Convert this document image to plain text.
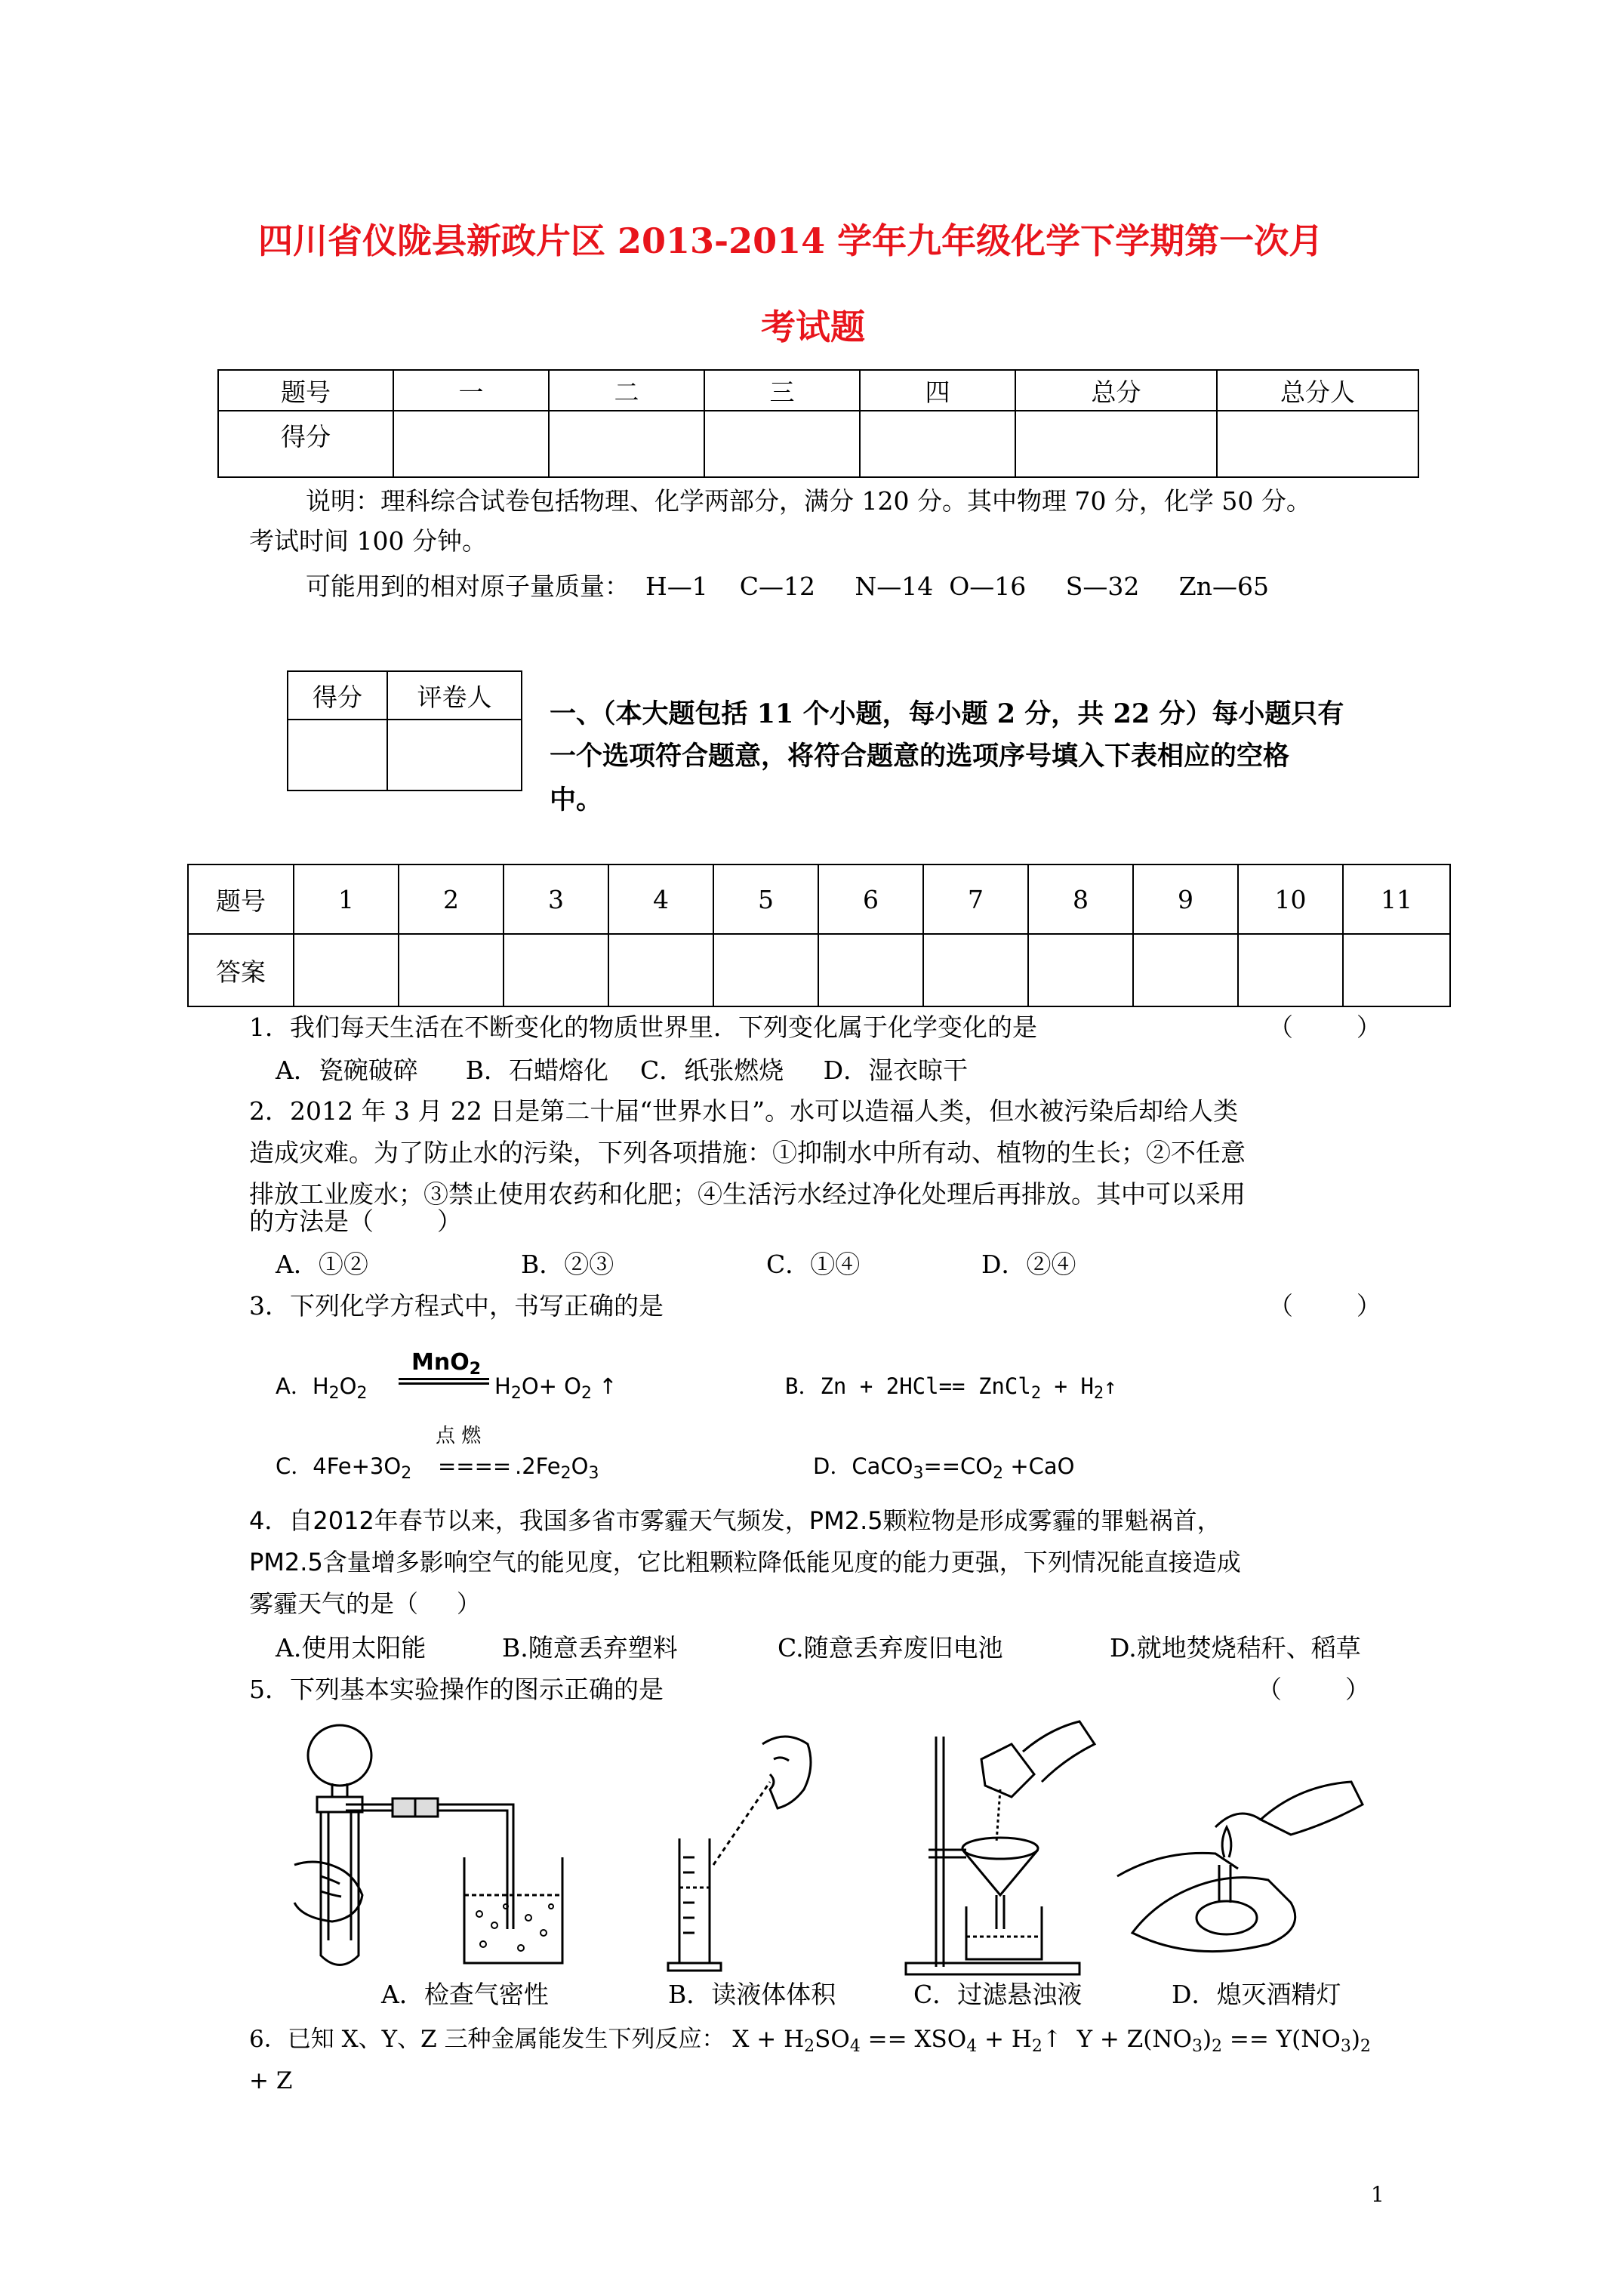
四川省仪陇县新政片区 2013-2014 学年九年级化学下学期第一次月
考试题
题号	一	二	三	四	总分	总分人
得分						
说明：理科综合试卷包括物理、化学两部分，满分 120 分。其中物理 70 分，化学 50 分。
考试时间 100 分钟。
可能用到的相对原子量质量：  H—1    C—12     N—14  O—16     S—32     Zn—65
得分	评卷人

一、（本大题包括 11 个小题，每小题 2 分，共 22 分）每小题只有
一个选项符合题意，将符合题意的选项序号填入下表相应的空格
中。
题号	1	2	3	4	5	6	7	8	9	10	11
答案											
1．我们每天生活在不断变化的物质世界里．下列变化属于化学变化的是	（        ）
A．瓷碗破碎      B．石蜡熔化    C．纸张燃烧     D．湿衣晾干
2．2012 年 3 月 22 日是第二十届“世界水日”。水可以造福人类，但水被污染后却给人类
造成灾难。为了防止水的污染，下列各项措施：①抑制水中所有动、植物的生长；②不任意
排放工业废水；③禁止使用农药和化肥；④生活污水经过净化处理后再排放。其中可以采用
的方法是（        ）
A．①②	B．②③	C．①④	D．②④
3．下列化学方程式中，书写正确的是	（        ）
A．$H_2O_2$
MnO$_2$
$H_2O+ O_2$ ↑	B．Zn + 2HCl== ZnCl$_2$ + $H_2↑$
点 燃
C．$4Fe+3O_2$ ==== $.2Fe_2O_3$	D．$CaCO_3==CO_2 +CaO$
4．自2012年春节以来，我国多省市雾霾天气频发，PM2.5颗粒物是形成雾霾的罪魁祸首，
PM2.5含量增多影响空气的能见度，它比粗颗粒降低能见度的能力更强，下列情况能直接造成
雾霾天气的是（     ）
A.使用太阳能	B.随意丢弃塑料	C.随意丢弃废旧电池	D.就地焚烧秸秆、稻草
5．下列基本实验操作的图示正确的是	（        ）
A．检查气密性	B．读液体体积	C．过滤悬浊液	D．熄灭酒精灯
6．已知 X、Y、Z 三种金属能发生下列反应： $X + H_2SO_4 == XSO_4$ + $H_2↑$  $Y + Z(NO_3)_2 == Y(NO_3)_2$
+ Z
1
